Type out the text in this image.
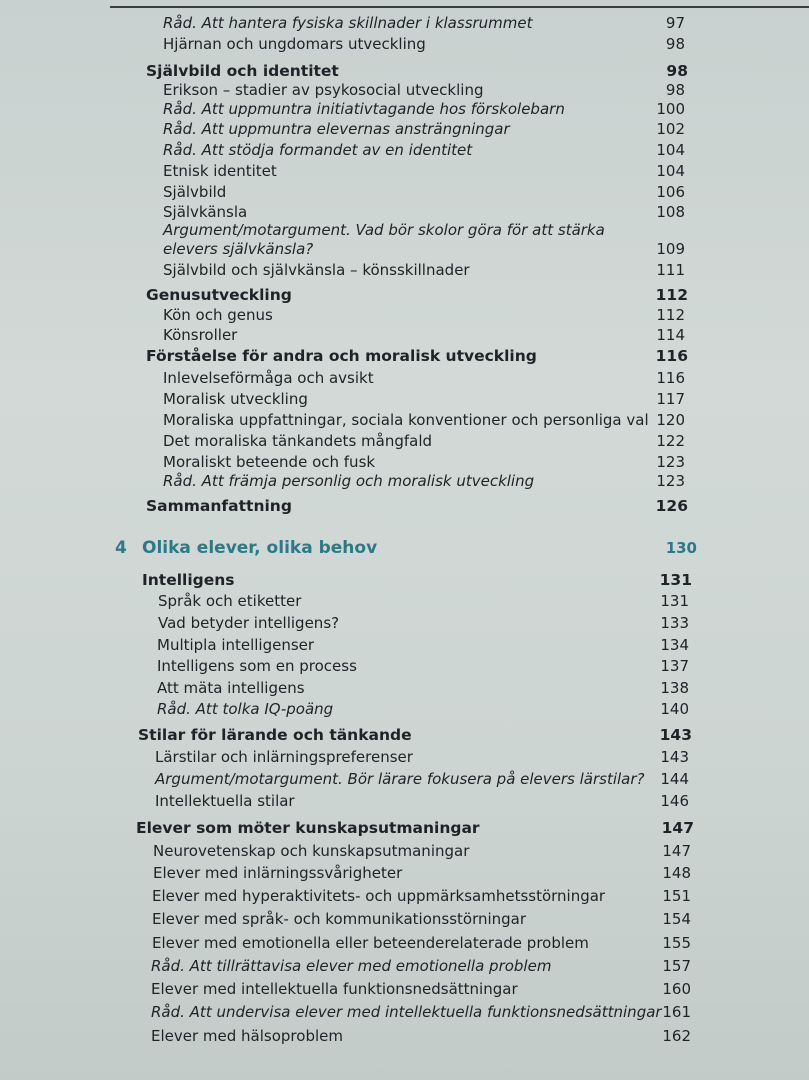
Råd. Att hantera fysiska skillnader i klassrummet	97
Hjärnan och ungdomars utveckling	98
Självbild och identitet	98
Erikson – stadier av psykosocial utveckling	98
Råd. Att uppmuntra initiativtagande hos förskolebarn	100
Råd. Att uppmuntra elevernas ansträngningar	102
Råd. Att stödja formandet av en identitet	104
Etnisk identitet	104
Självbild	106
Självkänsla	108
Argument/motargument. Vad bör skolor göra för att stärka
elevers självkänsla?	109
Självbild och självkänsla – könsskillnader	111
Genusutveckling	112
Kön och genus	112
Könsroller	114
Förståelse för andra och moralisk utveckling	116
Inlevelseförmåga och avsikt	116
Moralisk utveckling	117
Moraliska uppfattningar, sociala konventioner och personliga val 120
Det moraliska tänkandets mångfald	122
Moraliskt beteende och fusk	123
Råd. Att främja personlig och moralisk utveckling	123
Sammanfattning	126
4 Olika elever, olika behov	130
Intelligens	131
Språk och etiketter	131
Vad betyder intelligens?	133
Multipla intelligenser	134
Intelligens som en process	137
Att mäta intelligens	138
Råd. Att tolka IQ-poäng	140
Stilar för lärande och tänkande	143
Lärstilar och inlärningspreferenser	143
Argument/motargument. Bör lärare fokusera på elevers lärstilar?	144
Intellektuella stilar	146
Elever som möter kunskapsutmaningar	147
Neurovetenskap och kunskapsutmaningar	147
Elever med inlärningssvårigheter	148
Elever med hyperaktivitets- och uppmärksamhetsstörningar	151
Elever med språk- och kommunikationsstörningar	154
Elever med emotionella eller beteenderelaterade problem	155
Råd. Att tillrättavisa elever med emotionella problem	157
Elever med intellektuella funktionsnedsättningar	160
Råd. Att undervisa elever med intellektuella funktionsnedsättningar 161
Elever med hälsoproblem	162
